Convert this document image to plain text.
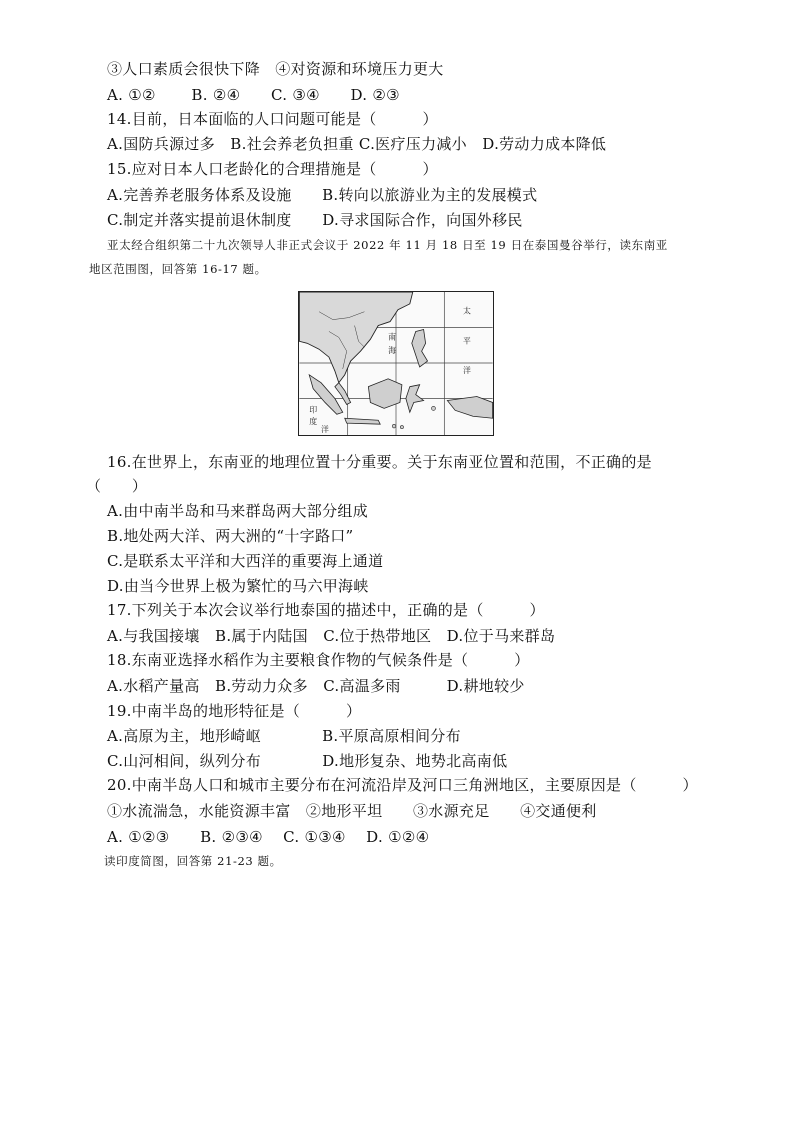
③人口素质会很快下降　④对资源和环境压力更大
A. ①②　　 B. ②④　　C. ③④　　D. ②③
14.目前，日本面临的人口问题可能是（　　　）
A.国防兵源过多　B.社会养老负担重 C.医疗压力减小　D.劳动力成本降低
15.应对日本人口老龄化的合理措施是（　　　）
A.完善养老服务体系及设施　　B.转向以旅游业为主的发展模式
C.制定并落实提前退休制度　　D.寻求国际合作，向国外移民
亚太经合组织第二十九次领导人非正式会议于 2022 年 11 月 18 日至 19 日在泰国曼谷举行，读东南亚
地区范围图，回答第 16-17 题。
16.在世界上，东南亚的地理位置十分重要。关于东南亚位置和范围，不正确的是
（　　）
A.由中南半岛和马来群岛两大部分组成
B.地处两大洋、两大洲的“十字路口”
C.是联系太平洋和大西洋的重要海上通道
D.由当今世界上极为繁忙的马六甲海峡
17.下列关于本次会议举行地泰国的描述中，正确的是（　　　）
A.与我国接壤　B.属于内陆国　C.位于热带地区　D.位于马来群岛
18.东南亚选择水稻作为主要粮食作物的气候条件是（　　　）
A.水稻产量高　B.劳动力众多　C.高温多雨　　　D.耕地较少
19.中南半岛的地形特征是（　　　）
A.高原为主，地形崎岖　　　　B.平原高原相间分布
C.山河相间，纵列分布　　　　D.地形复杂、地势北高南低
20.中南半岛人口和城市主要分布在河流沿岸及河口三角洲地区，主要原因是（　　　）
①水流湍急，水能资源丰富　②地形平坦　　③水源充足　　④交通便利
A. ①②③　　B. ②③④　 C. ①③④　 D. ①②④
读印度简图，回答第 21-23 题。
太
平
洋
印
度
洋
南
海
